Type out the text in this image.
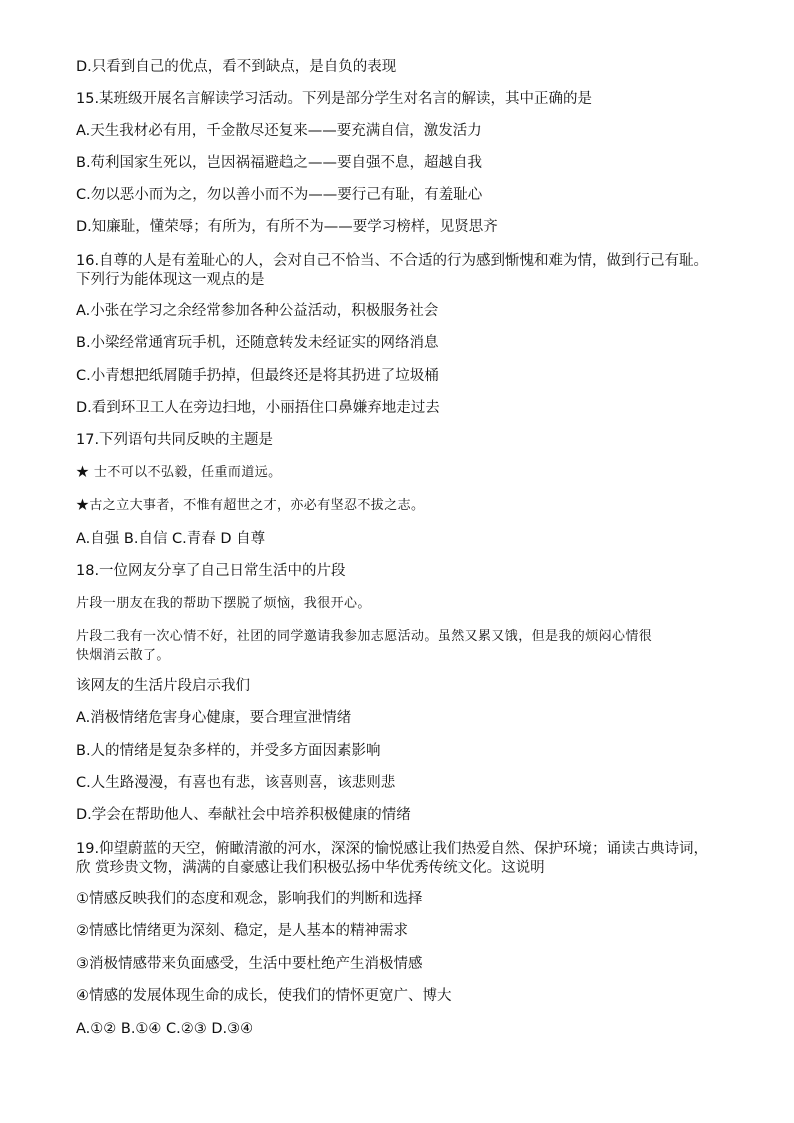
D.只看到自己的优点，看不到缺点，是自负的表现
15.某班级开展名言解读学习活动。下列是部分学生对名言的解读，其中正确的是
A.天生我材必有用，千金散尽还复来——要充满自信，激发活力
B.苟利国家生死以，岂因祸福避趋之——要自强不息，超越自我
C.勿以恶小而为之，勿以善小而不为——要行己有耻，有羞耻心
D.知廉耻，懂荣辱；有所为，有所不为——要学习榜样，见贤思齐
16.自尊的人是有羞耻心的人，会对自己不恰当、不合适的行为感到惭愧和难为情，做到行己有耻。
下列行为能体现这一观点的是
A.小张在学习之余经常参加各种公益活动，积极服务社会
B.小梁经常通宵玩手机，还随意转发未经证实的网络消息
C.小青想把纸屑随手扔掉，但最终还是将其扔进了垃圾桶
D.看到环卫工人在旁边扫地，小丽捂住口鼻嫌弃地走过去
17.下列语句共同反映的主题是
★ 士不可以不弘毅，任重而道远。
★古之立大事者，不惟有超世之才，亦必有坚忍不拔之志。
A.自强 B.自信 C.青春 D 自尊
18.一位网友分享了自己日常生活中的片段
片段一朋友在我的帮助下摆脱了烦恼，我很开心。
片段二我有一次心情不好，社团的同学邀请我参加志愿活动。虽然又累又饿，但是我的烦闷心情很
快烟消云散了。
该网友的生活片段启示我们
A.消极情绪危害身心健康，要合理宣泄情绪
B.人的情绪是复杂多样的，并受多方面因素影响
C.人生路漫漫，有喜也有悲，该喜则喜，该悲则悲
D.学会在帮助他人、奉献社会中培养积极健康的情绪
19.仰望蔚蓝的天空，俯瞰清澈的河水，深深的愉悦感让我们热爱自然、保护环境；诵读古典诗词，
欣 赏珍贵文物，满满的自豪感让我们积极弘扬中华优秀传统文化。这说明
①情感反映我们的态度和观念，影响我们的判断和选择
②情感比情绪更为深刻、稳定，是人基本的精神需求
③消极情感带来负面感受，生活中要杜绝产生消极情感
④情感的发展体现生命的成长，使我们的情怀更宽广、博大
A.①② B.①④ C.②③ D.③④
